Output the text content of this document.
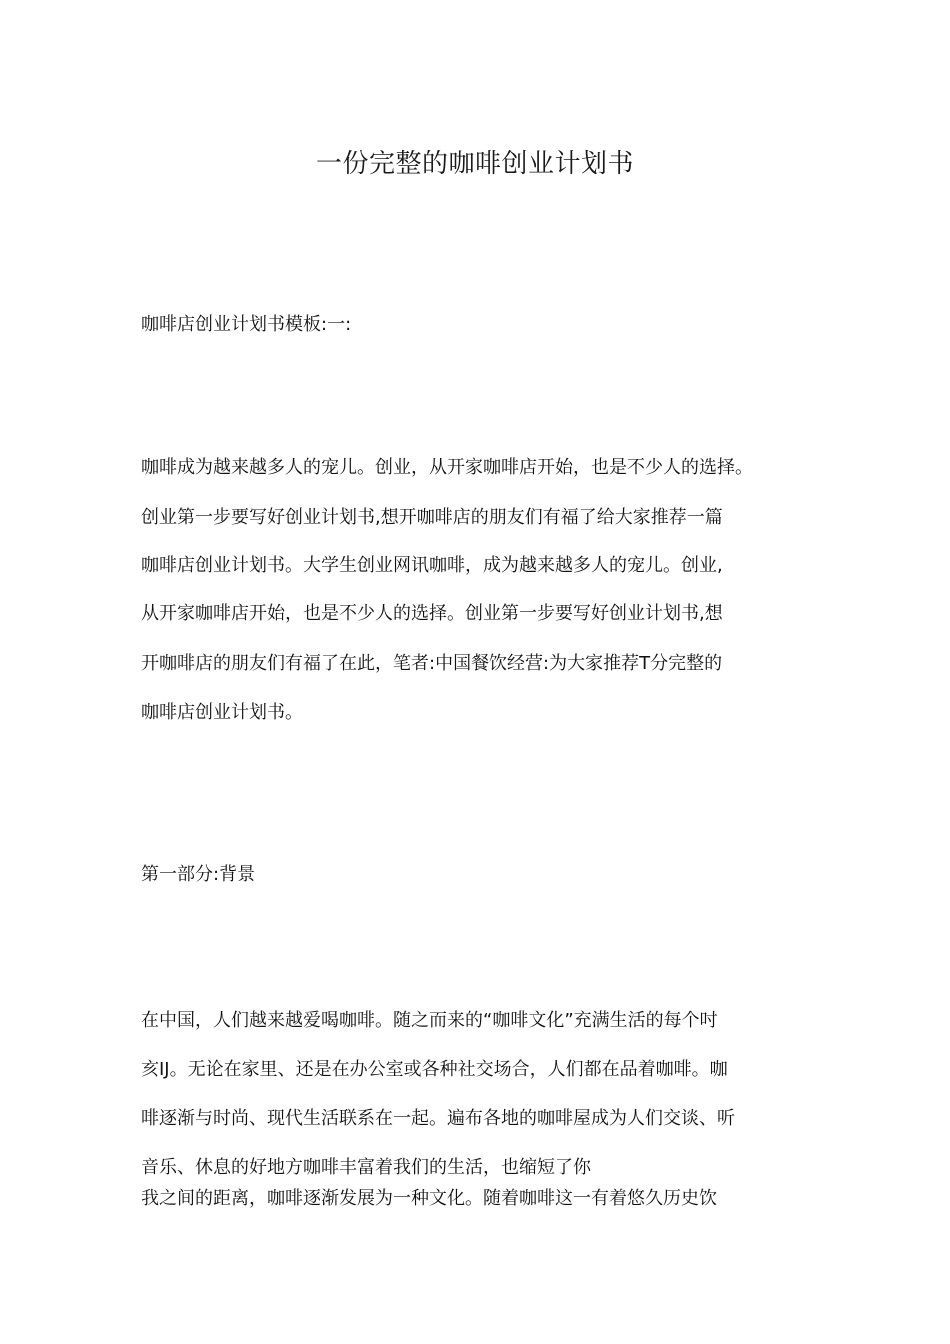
一份完整的咖啡创业计划书

咖啡店创业计划书模板:一:

咖啡成为越来越多人的宠儿。创业，从开家咖啡店开始，也是不少人的选择。

创业第一步要写好创业计划书,想开咖啡店的朋友们有福了给大家推荐一篇

咖啡店创业计划书。大学生创业网讯咖啡，成为越来越多人的宠儿。创业,

从开家咖啡店开始，也是不少人的选择。创业第一步要写好创业计划书,想

开咖啡店的朋友们有福了在此，笔者:中国餐饮经营:为大家推荐T分完整的

咖啡店创业计划书。

第一部分:背景

在中国，人们越来越爱喝咖啡。随之而来的“咖啡文化”充满生活的每个吋

亥IJ。无论在家里、还是在办公室或各种社交场合，人们都在品着咖啡。咖

啡逐渐与时尚、现代生活联系在一起。遍布各地的咖啡屋成为人们交谈、听

音乐、休息的好地方咖啡丰富着我们的生活，也缩短了你

我之间的距离，咖啡逐渐发展为一种文化。随着咖啡这一有着悠久历史饮
